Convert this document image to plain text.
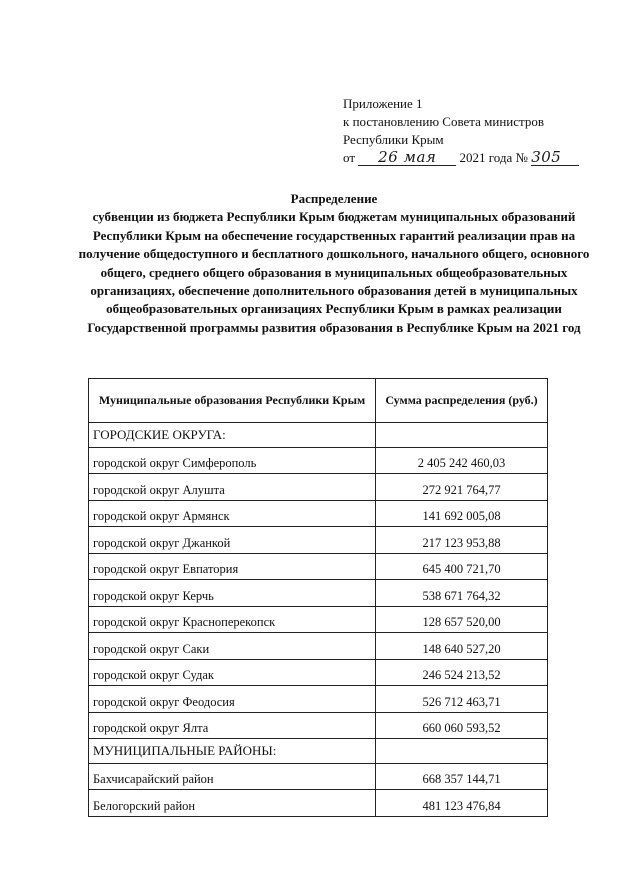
Приложение 1
к постановлению Совета министров
Республики Крым
от 26 мая 2021 года № 305
Распределение
субвенции из бюджета Республики Крым бюджетам муниципальных образований Республики Крым на обеспечение государственных гарантий реализации прав на получение общедоступного и бесплатного дошкольного, начального общего, основного общего, среднего общего образования в муниципальных общеобразовательных организациях, обеспечение дополнительного образования детей в муниципальных общеобразовательных организациях Республики Крым в рамках реализации Государственной программы развития образования в Республике Крым на 2021 год
Муниципальные образования Республики Крым	Сумма распределения (руб.)
ГОРОДСКИЕ ОКРУГА:	
городской округ Симферополь	2 405 242 460,03
городской округ Алушта	272 921 764,77
городской округ Армянск	141 692 005,08
городской округ Джанкой	217 123 953,88
городской округ Евпатория	645 400 721,70
городской округ Керчь	538 671 764,32
городской округ Красноперекопск	128 657 520,00
городской округ Саки	148 640 527,20
городской округ Судак	246 524 213,52
городской округ Феодосия	526 712 463,71
городской округ Ялта	660 060 593,52
МУНИЦИПАЛЬНЫЕ РАЙОНЫ:	
Бахчисарайский район	668 357 144,71
Белогорский район	481 123 476,84
